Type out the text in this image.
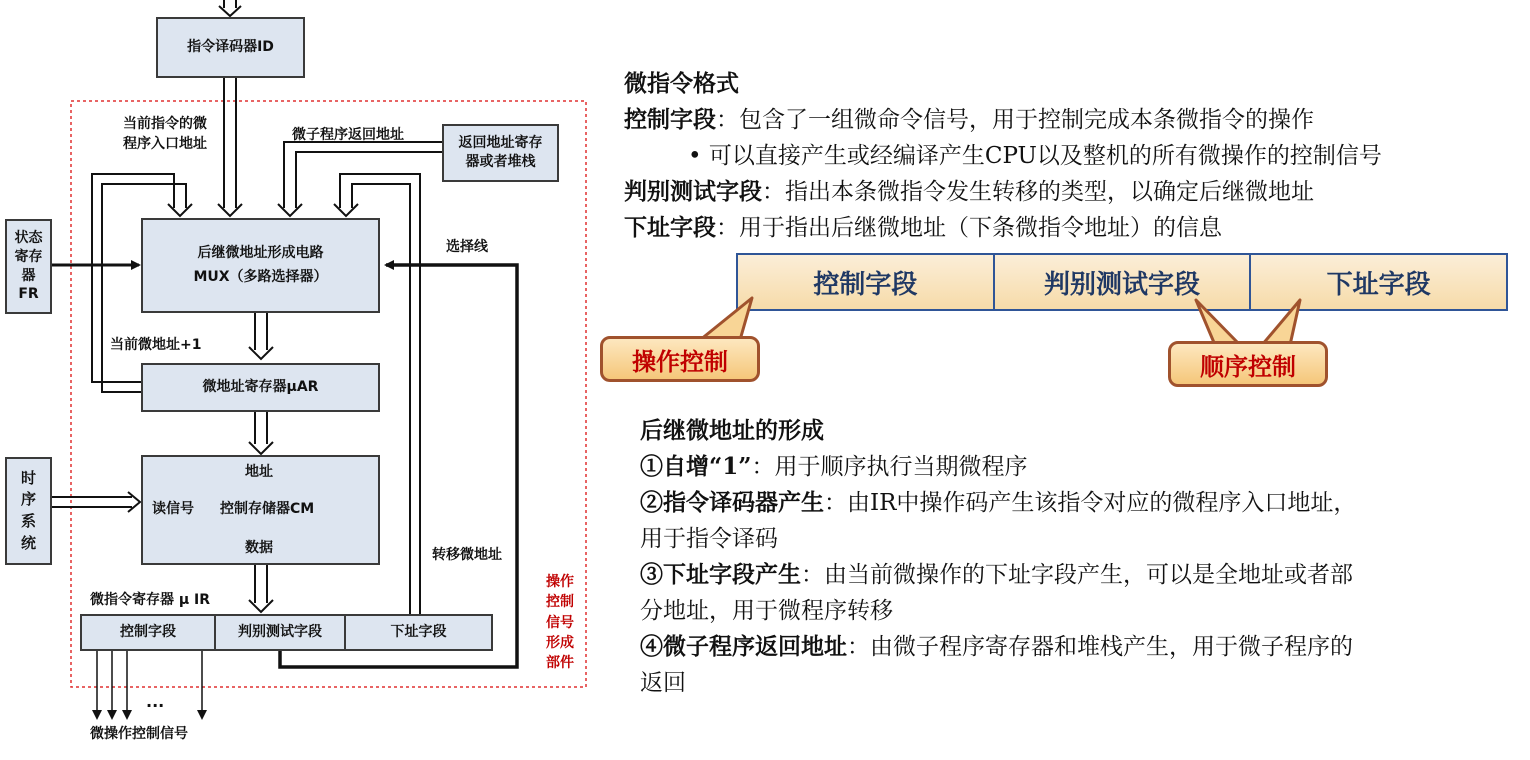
指令译码器ID
返回地址寄存
器或者堆栈
状态
寄存
器
FR
后继微地址形成电路
MUX（多路选择器）
微地址寄存器μAR
时
序
系
统
地址
读信号 控制存储器CM
数据
控制字段	判别测试字段	下址字段
当前指令的微
程序入口地址
微子程序返回地址
选择线
当前微地址+1
转移微地址
微指令寄存器 μ IR
···
微操作控制信号
操作
控制
信号
形成
部件
微指令格式
控制字段：包含了一组微命令信号，用于控制完成本条微指令的操作
• 可以直接产生或经编译产生CPU以及整机的所有微操作的控制信号
判别测试字段：指出本条微指令发生转移的类型，以确定后继微地址
下址字段：用于指出后继微地址（下条微指令地址）的信息
控制字段	判别测试字段	下址字段
操作控制	顺序控制
后继微地址的形成
①自增“1”：用于顺序执行当期微程序
②指令译码器产生：由IR中操作码产生该指令对应的微程序入口地址，
用于指令译码
③下址字段产生：由当前微操作的下址字段产生，可以是全地址或者部
分地址，用于微程序转移
④微子程序返回地址：由微子程序寄存器和堆栈产生，用于微子程序的
返回
